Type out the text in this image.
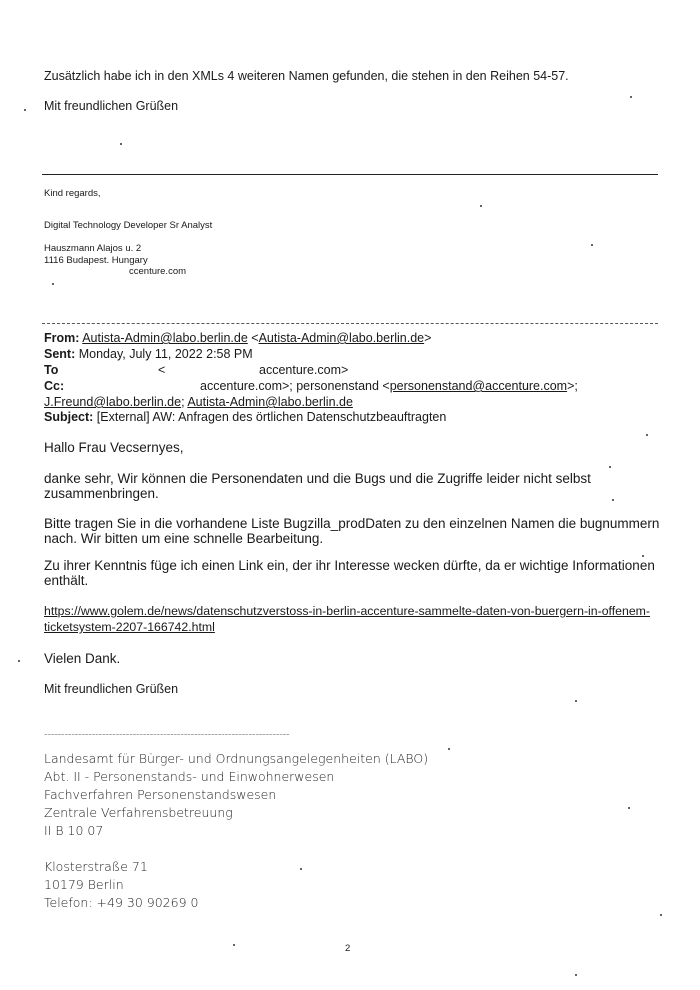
Zusätzlich habe ich in den XMLs 4 weiteren Namen gefunden, die stehen in den Reihen 54-57.
Mit freundlichen Grüßen
Kind regards,
Digital Technology Developer Sr Analyst
Hauszmann Alajos u. 2
1116 Budapest. Hungary
ccenture.com
From: Autista-Admin@labo.berlin.de <Autista-Admin@labo.berlin.de>
Sent: Monday, July 11, 2022 2:58 PM
To	<	accenture.com>
Cc:	accenture.com>; personenstand <personenstand@accenture.com>;
J.Freund@labo.berlin.de; Autista-Admin@labo.berlin.de
Subject: [External] AW: Anfragen des örtlichen Datenschutzbeauftragten
Hallo Frau Vecsernyes,
danke sehr, Wir können die Personendaten und die Bugs und die Zugriffe leider nicht selbst
zusammenbringen.
Bitte tragen Sie in die vorhandene Liste Bugzilla_prodDaten zu den einzelnen Namen die bugnummern
nach. Wir bitten um eine schnelle Bearbeitung.
Zu ihrer Kenntnis füge ich einen Link ein, der ihr Interesse wecken dürfte, da er wichtige Informationen
enthält.
https://www.golem.de/news/datenschutzverstoss-in-berlin-accenture-sammelte-daten-von-buergern-in-offenem-
ticketsystem-2207-166742.html
Vielen Dank.
Mit freundlichen Grüßen
------------------------------------------------------------------------
Landesamt für Bürger- und Ordnungsangelegenheiten (LABO)
Abt. II - Personenstands- und Einwohnerwesen
Fachverfahren Personenstandswesen
Zentrale Verfahrensbetreuung
II B 10 07
Klosterstraße 71
10179 Berlin
Telefon: +49 30 90269 0
2
